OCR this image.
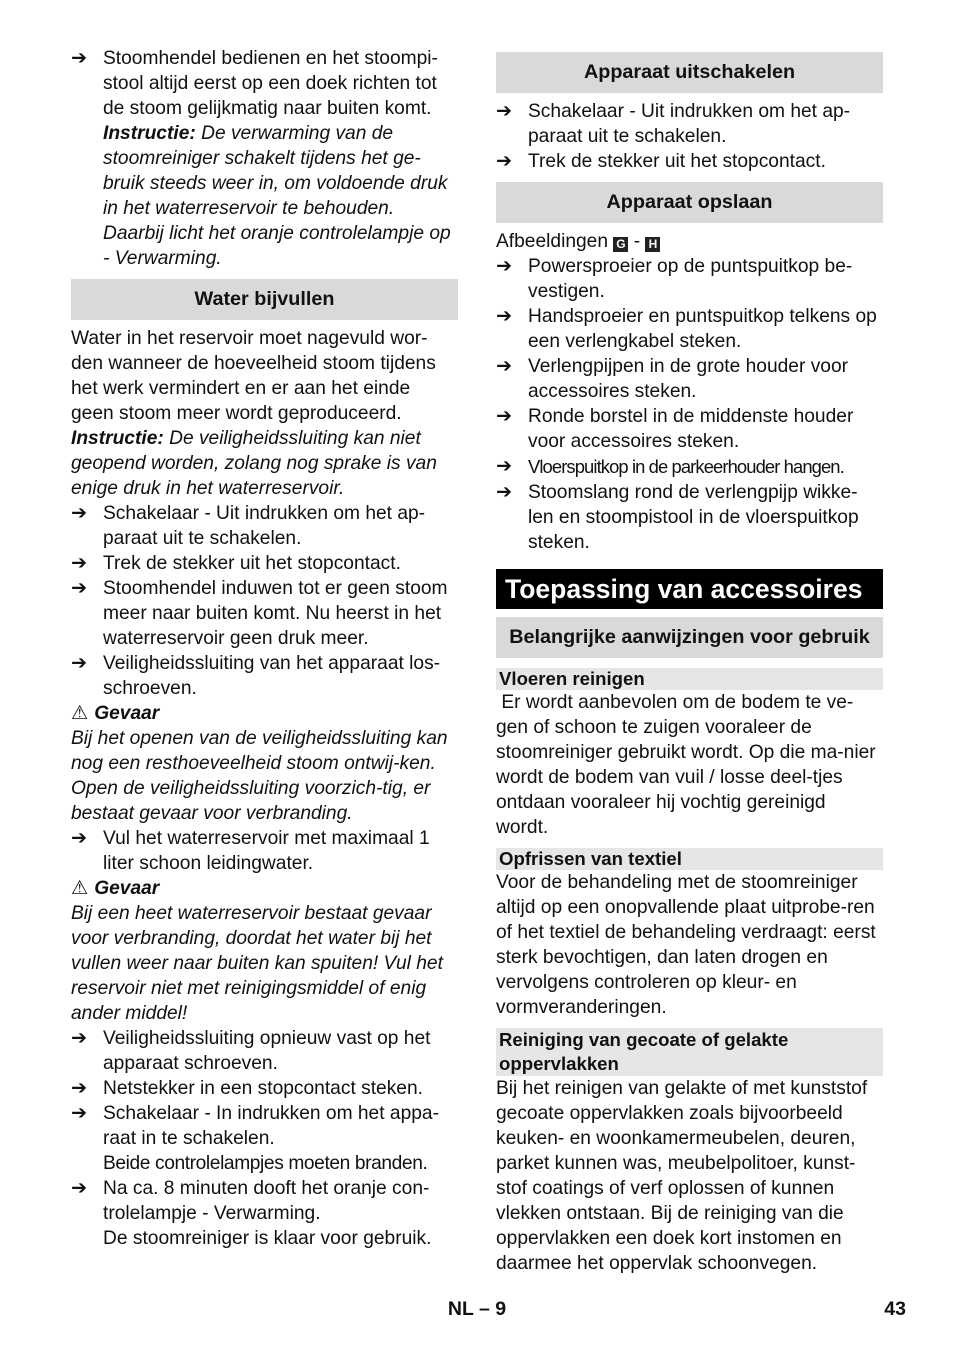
➔ Stoomhendel bedienen en het stoompi-stool altijd eerst op een doek richten tot de stoom gelijkmatig naar buiten komt.

Instructie: De verwarming van de stoomreiniger schakelt tijdens het ge-bruik steeds weer in, om voldoende druk in het waterreservoir te behouden. Daarbij licht het oranje controlelampje op - Verwarming.

Water bijvullen

Water in het reservoir moet nagevuld wor-den wanneer de hoeveelheid stoom tijdens het werk vermindert en er aan het einde geen stoom meer wordt geproduceerd.

Instructie: De veiligheidssluiting kan niet geopend worden, zolang nog sprake is van enige druk in het waterreservoir.

➔ Schakelaar - Uit indrukken om het ap-paraat uit te schakelen.

➔ Trek de stekker uit het stopcontact.

➔ Stoomhendel induwen tot er geen stoom meer naar buiten komt. Nu heerst in het waterreservoir geen druk meer.

➔ Veiligheidssluiting van het apparaat los-schroeven.

⚠ Gevaar

Bij het openen van de veiligheidssluiting kan nog een resthoeveelheid stoom ontwij-ken. Open de veiligheidssluiting voorzich-tig, er bestaat gevaar voor verbranding.

➔ Vul het waterreservoir met maximaal 1 liter schoon leidingwater.

⚠ Gevaar

Bij een heet waterreservoir bestaat gevaar voor verbranding, doordat het water bij het vullen weer naar buiten kan spuiten! Vul het reservoir niet met reinigingsmiddel of enig ander middel!

➔ Veiligheidssluiting opnieuw vast op het apparaat schroeven.

➔ Netstekker in een stopcontact steken.

➔ Schakelaar - In indrukken om het appa-raat in te schakelen.

Beide controlelampjes moeten branden.

➔ Na ca. 8 minuten dooft het oranje con-trolelampje - Verwarming.

De stoomreiniger is klaar voor gebruik.

Apparaat uitschakelen

➔ Schakelaar - Uit indrukken om het ap-paraat uit te schakelen.

➔ Trek de stekker uit het stopcontact.

Apparaat opslaan

Afbeeldingen G - H

➔ Powersproeier op de puntspuitkop be-vestigen.

➔ Handsproeier en puntspuitkop telkens op een verlengkabel steken.

➔ Verlengpijpen in de grote houder voor accessoires steken.

➔ Ronde borstel in de middenste houder voor accessoires steken.

➔ Vloerspuitkop in de parkeerhouder hangen.

➔ Stoomslang rond de verlengpijp wikke-len en stoompistool in de vloerspuitkop steken.

Toepassing van accessoires
Belangrijke aanwijzingen voor gebruik
Vloeren reinigen

Er wordt aanbevolen om de bodem te ve-gen of schoon te zuigen vooraleer de stoomreiniger gebruikt wordt. Op die ma-nier wordt de bodem van vuil / losse deel-tjes ontdaan vooraleer hij vochtig gereinigd wordt.

Opfrissen van textiel

Voor de behandeling met de stoomreiniger altijd op een onopvallende plaat uitprobe-ren of het textiel de behandeling verdraagt: eerst sterk bevochtigen, dan laten drogen en vervolgens controleren op kleur- en vormveranderingen.

Reiniging van gecoate of gelakte oppervlakken

Bij het reinigen van gelakte of met kunststof gecoate oppervlakken zoals bijvoorbeeld keuken- en woonkamermeubelen, deuren, parket kunnen was, meubelpolitoer, kunst-stof coatings of verf oplossen of kunnen vlekken ontstaan. Bij de reiniging van die oppervlakken een doek kort instomen en daarmee het oppervlak schoonvegen.

NL – 9	43
